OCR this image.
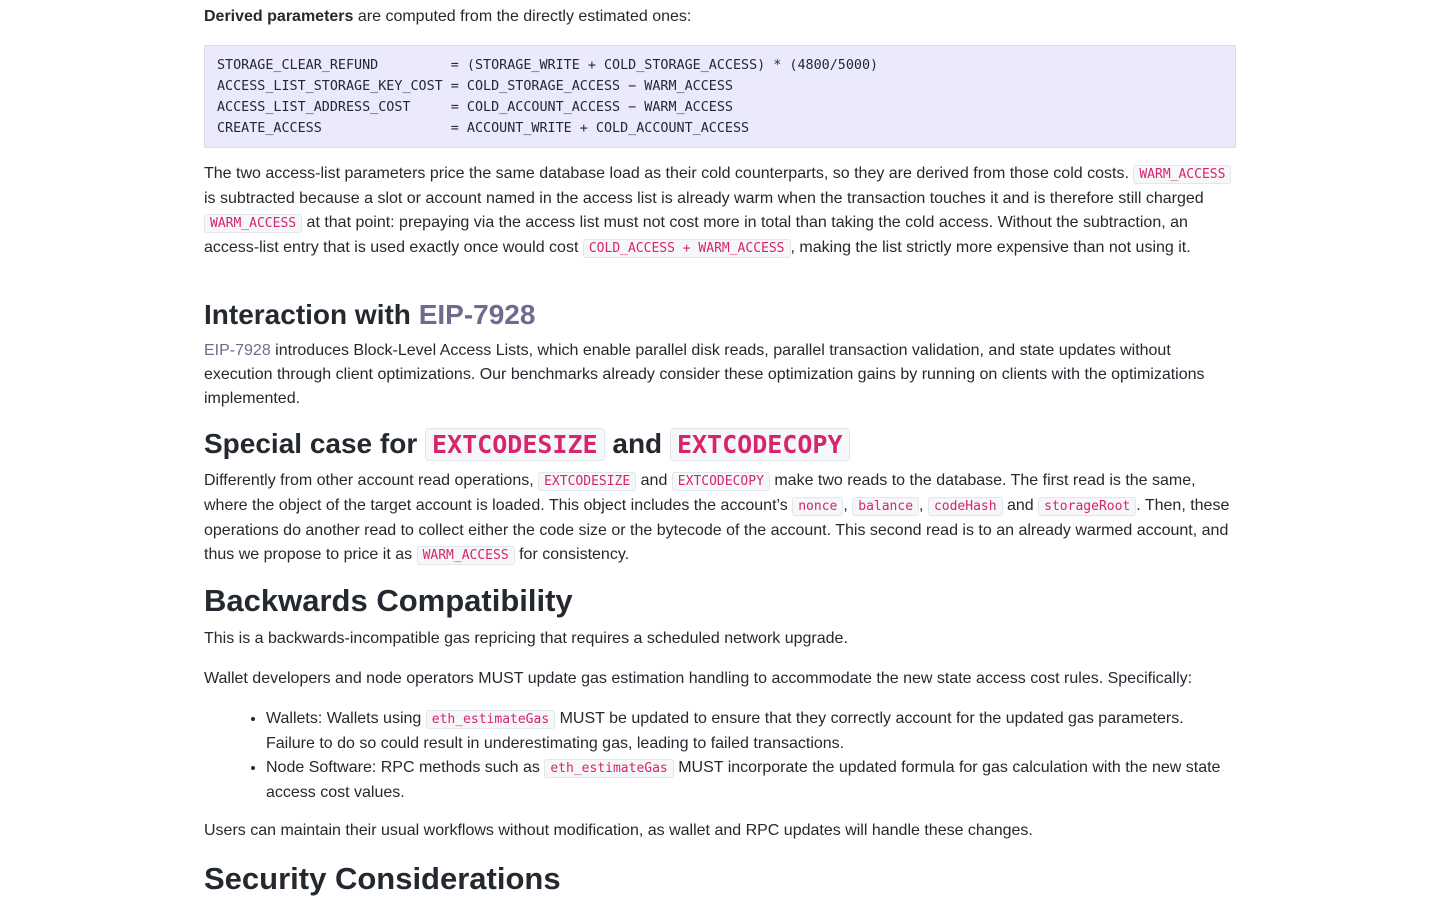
Derived parameters are computed from the directly estimated ones:

STORAGE_CLEAR_REFUND         = (STORAGE_WRITE + COLD_STORAGE_ACCESS) * (4800/5000)
ACCESS_LIST_STORAGE_KEY_COST = COLD_STORAGE_ACCESS − WARM_ACCESS
ACCESS_LIST_ADDRESS_COST     = COLD_ACCOUNT_ACCESS − WARM_ACCESS
CREATE_ACCESS                = ACCOUNT_WRITE + COLD_ACCOUNT_ACCESS

The two access-list parameters price the same database load as their cold counterparts, so they are derived from those cold costs. WARM_ACCESS is subtracted because a slot or account named in the access list is already warm when the transaction touches it and is therefore still charged WARM_ACCESS at that point: prepaying via the access list must not cost more in total than taking the cold access. Without the subtraction, an access-list entry that is used exactly once would cost COLD_ACCESS + WARM_ACCESS , making the list strictly more expensive than not using it.

Interaction with EIP-7928

EIP-7928 introduces Block-Level Access Lists, which enable parallel disk reads, parallel transaction validation, and state updates without execution through client optimizations. Our benchmarks already consider these optimization gains by running on clients with the optimizations implemented.

Special case for EXTCODESIZE and EXTCODECOPY

Differently from other account read operations, EXTCODESIZE and EXTCODECOPY make two reads to the database. The first read is the same, where the object of the target account is loaded. This object includes the account’s nonce , balance , codeHash and storageRoot . Then, these operations do another read to collect either the code size or the bytecode of the account. This second read is to an already warmed account, and thus we propose to price it as WARM_ACCESS for consistency.

Backwards Compatibility

This is a backwards-incompatible gas repricing that requires a scheduled network upgrade.

Wallet developers and node operators MUST update gas estimation handling to accommodate the new state access cost rules. Specifically:

• Wallets: Wallets using eth_estimateGas MUST be updated to ensure that they correctly account for the updated gas parameters. Failure to do so could result in underestimating gas, leading to failed transactions.
• Node Software: RPC methods such as eth_estimateGas MUST incorporate the updated formula for gas calculation with the new state access cost values.

Users can maintain their usual workflows without modification, as wallet and RPC updates will handle these changes.

Security Considerations
